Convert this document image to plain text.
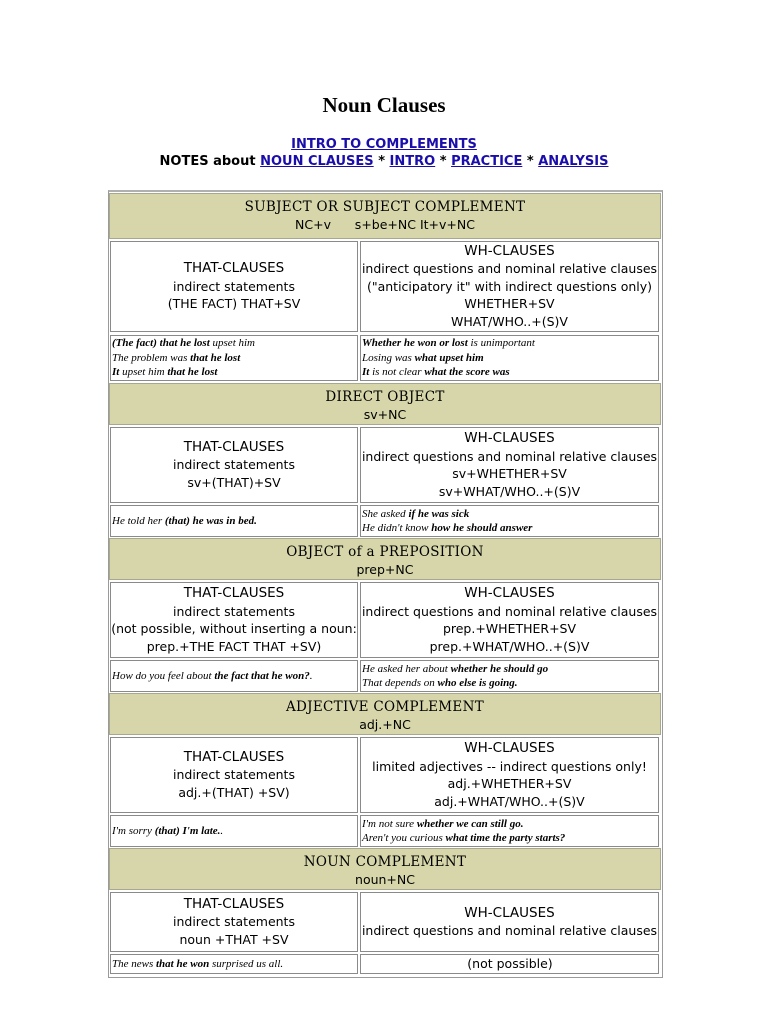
Noun Clauses
INTRO TO COMPLEMENTS
NOTES about NOUN CLAUSES * INTRO * PRACTICE * ANALYSIS
SUBJECT OR SUBJECT COMPLEMENT
NC+v      s+be+NC It+v+NC
THAT-CLAUSES
indirect statements
(THE FACT) THAT+SV
WH-CLAUSES
indirect questions and nominal relative clauses
("anticipatory it" with indirect questions only)
WHETHER+SV
WHAT/WHO..+(S)V
(The fact) that he lost upset him
The problem was that he lost
It upset him that he lost
Whether he won or lost is unimportant
Losing was what upset him
It is not clear what the score was
DIRECT OBJECT
sv+NC
THAT-CLAUSES
indirect statements
sv+(THAT)+SV
WH-CLAUSES
indirect questions and nominal relative clauses
sv+WHETHER+SV
sv+WHAT/WHO..+(S)V
He told her (that) he was in bed.
She asked if he was sick
He didn't know how he should answer
OBJECT of a PREPOSITION
prep+NC
THAT-CLAUSES
indirect statements
(not possible, without inserting a noun:
prep.+THE FACT THAT +SV)
WH-CLAUSES
indirect questions and nominal relative clauses
prep.+WHETHER+SV
prep.+WHAT/WHO..+(S)V
How do you feel about the fact that he won?.
He asked her about whether he should go
That depends on who else is going.
ADJECTIVE COMPLEMENT
adj.+NC
THAT-CLAUSES
indirect statements
adj.+(THAT) +SV)
WH-CLAUSES
limited adjectives -- indirect questions only!
adj.+WHETHER+SV
adj.+WHAT/WHO..+(S)V
I'm sorry (that) I'm late..
I'm not sure whether we can still go.
Aren't you curious what time the party starts?
NOUN COMPLEMENT
noun+NC
THAT-CLAUSES
indirect statements
noun +THAT +SV
WH-CLAUSES
indirect questions and nominal relative clauses
The news that he won surprised us all.	(not possible)
